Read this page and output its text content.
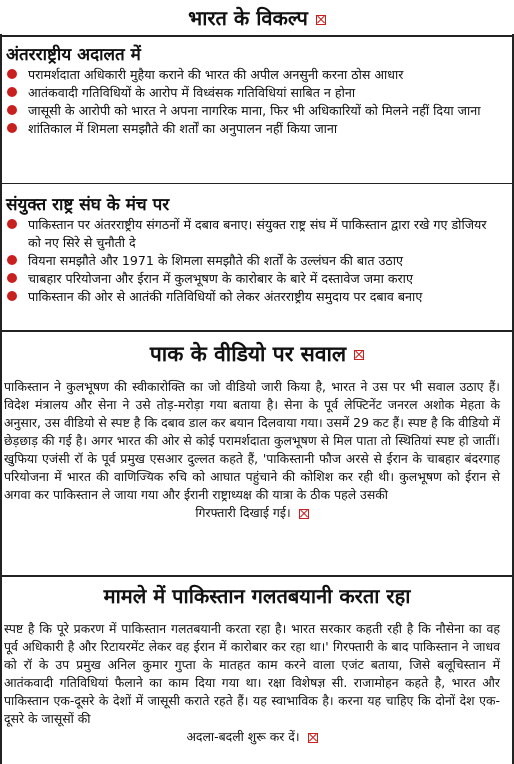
भारत के विकल्प
अंतरराष्ट्रीय अदालत में
परामर्शदाता अधिकारी मुहैया कराने की भारत की अपील अनसुनी करना ठोस आधार
आतंकवादी गतिविधियों के आरोप में विध्वंसक गतिविधियां साबित न होना
जासूसी के आरोपी को भारत ने अपना नागरिक माना, फिर भी अधिकारियों को मिलने नहीं दिया जाना
शांतिकाल में शिमला समझौते की शर्तों का अनुपालन नहीं किया जाना
संयुक्त राष्ट्र संघ के मंच पर
पाकिस्तान पर अंतरराष्ट्रीय संगठनों में दबाव बनाए। संयुक्त राष्ट्र संघ में पाकिस्तान द्वारा रखे गए डोजियर को नए सिरे से चुनौती दे
वियना समझौते और 1971 के शिमला समझौते की शर्तों के उल्लंघन की बात उठाए
चाबहार परियोजना और ईरान में कुलभूषण के कारोबार के बारे में दस्तावेज जमा कराए
पाकिस्तान की ओर से आतंकी गतिविधियों को लेकर अंतरराष्ट्रीय समुदाय पर दबाव बनाए
पाक के वीडियो पर सवाल

पाकिस्तान ने कुलभूषण की स्वीकारोक्ति का जो वीडियो जारी किया है, भारत ने उस पर भी सवाल उठाए हैं। विदेश मंत्रालय और सेना ने उसे तोड़-मरोड़ा गया बताया है। सेना के पूर्व लेफ्टिनेंट जनरल अशोक मेहता के अनुसार, उस वीडियो से स्पष्ट है कि दबाव डाल कर बयान दिलवाया गया। उसमें 29 कट हैं। स्पष्ट है कि वीडियो में छेड़छाड़ की गई है। अगर भारत की ओर से कोई परामर्शदाता कुलभूषण से मिल पाता तो स्थितियां स्पष्ट हो जातीं। खुफिया एजंसी रॉ के पूर्व प्रमुख एसआर दुल्लत कहते हैं, 'पाकिस्तानी फौज अरसे से ईरान के चाबहार बंदरगाह परियोजना में भारत की वाणिज्यिक रुचि को आघात पहुंचाने की कोशिश कर रही थी। कुलभूषण को ईरान से अगवा कर पाकिस्तान ले जाया गया और ईरानी राष्ट्राध्यक्ष की यात्रा के ठीक पहले उसकी
गिरफ्तारी दिखाई गई।

मामले में पाकिस्तान गलतबयानी करता रहा

स्पष्ट है कि पूरे प्रकरण में पाकिस्तान गलतबयानी करता रहा है। भारत सरकार कहती रही है कि नौसेना का वह पूर्व अधिकारी है और रिटायरमेंट लेकर वह ईरान में कारोबार कर रहा था।' गिरफ्तारी के बाद पाकिस्तान ने जाधव को रॉ के उप प्रमुख अनिल कुमार गुप्ता के मातहत काम करने वाला एजंट बताया, जिसे बलूचिस्तान में आतंकवादी गतिविधियां फैलाने का काम दिया गया था। रक्षा विशेषज्ञ सी. राजामोहन कहते है, भारत और पाकिस्तान एक-दूसरे के देशों में जासूसी कराते रहते हैं। यह स्वाभाविक है। करना यह चाहिए कि दोनों देश एक-दूसरे के जासूसों की
अदला-बदली शुरू कर दें।
